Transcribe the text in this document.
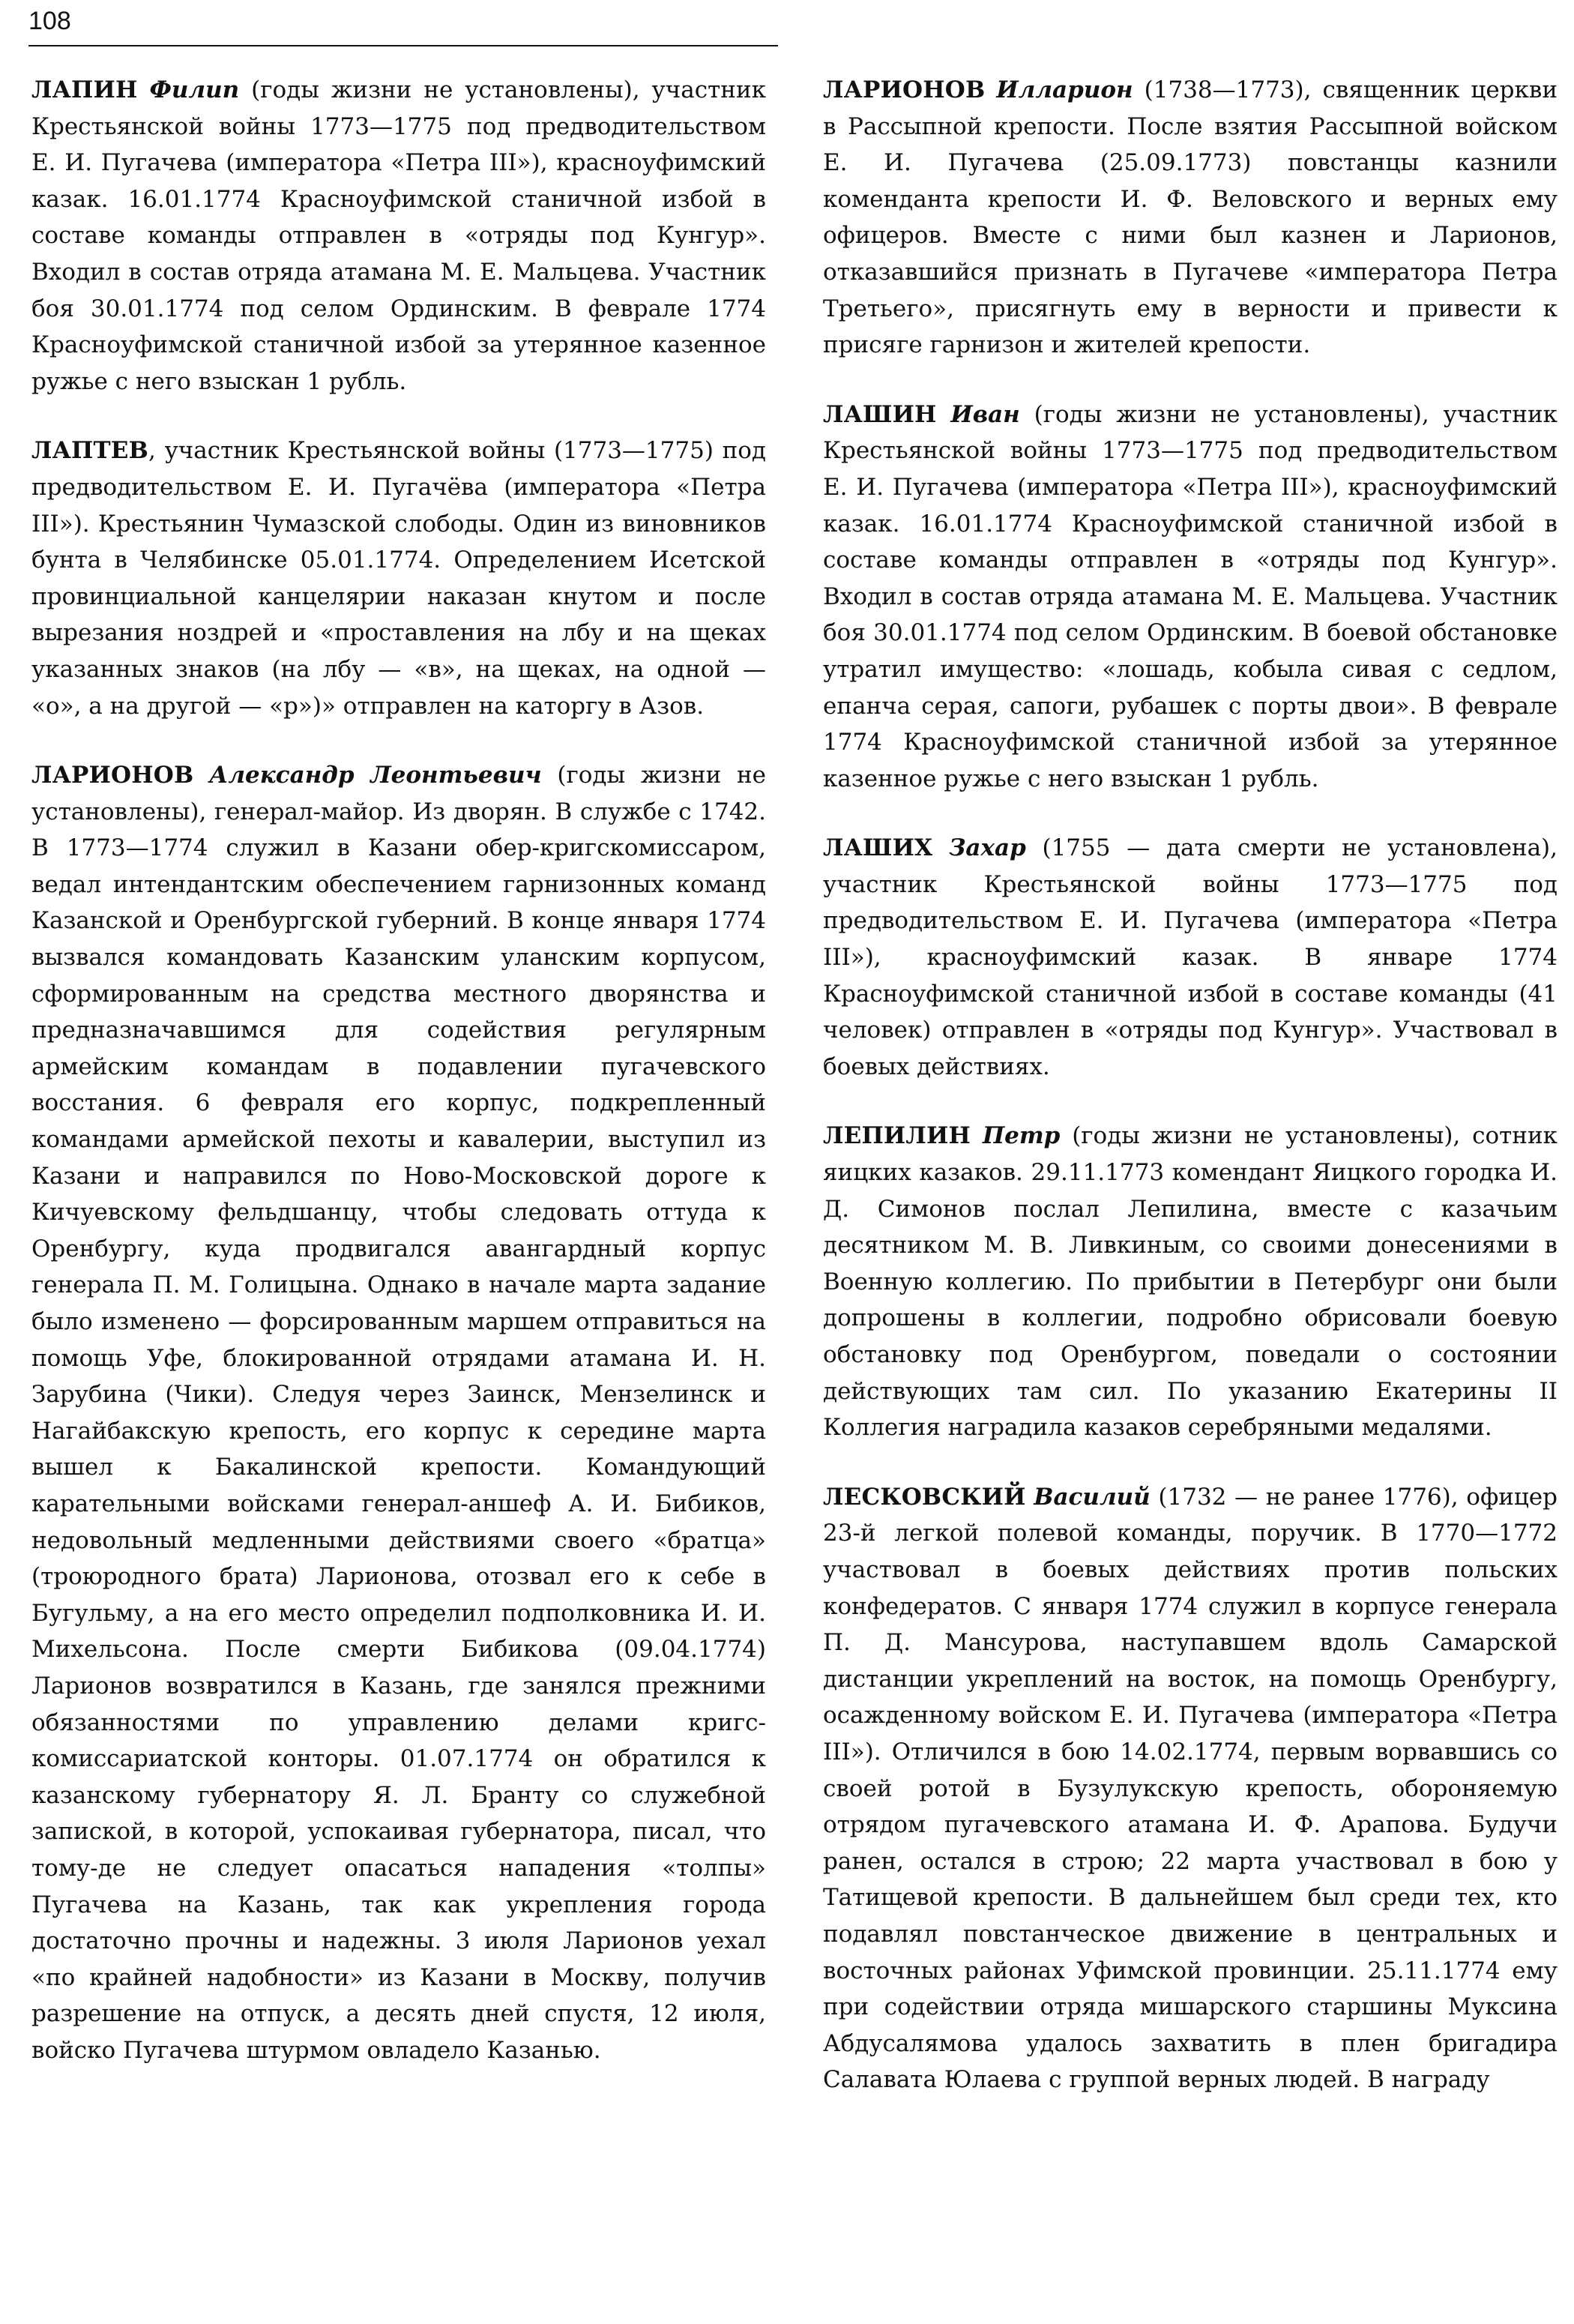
108

ЛАПИН Филип (годы жизни не установлены), участник Крестьянской войны 1773—1775 под предводительством Е. И. Пугачева (императора «Петра III»), красноуфимский казак. 16.01.1774 Красноуфимской станичной избой в составе команды отправлен в «отряды под Кунгур». Входил в состав отряда атамана М. Е. Мальцева. Участник боя 30.01.1774 под селом Ординским. В феврале 1774 Красноуфимской станичной избой за утерянное казенное ружье с него взыскан 1 рубль.

ЛАПТЕВ, участник Крестьянской войны (1773—1775) под предводительством Е. И. Пугачёва (императора «Петра III»). Крестьянин Чумазской слободы. Один из виновников бунта в Челябинске 05.01.1774. Определением Исетской провинциальной канцелярии наказан кнутом и после вырезания ноздрей и «проставления на лбу и на щеках указанных знаков (на лбу — «в», на щеках, на одной — «о», а на другой — «р»)» отправлен на каторгу в Азов.

ЛАРИОНОВ Александр Леонтьевич (годы жизни не установлены), генерал-майор. Из дворян. В службе с 1742. В 1773—1774 служил в Казани обер-кригскомиссаром, ведал интендантским обеспечением гарнизонных команд Казанской и Оренбургской губерний. В конце января 1774 вызвался командовать Казанским уланским корпусом, сформированным на средства местного дворянства и предназначавшимся для содействия регулярным армейским командам в подавлении пугачевского восстания. 6 февраля его корпус, подкрепленный командами армейской пехоты и кавалерии, выступил из Казани и направился по Ново-Московской дороге к Кичуевскому фельдшанцу, чтобы следовать оттуда к Оренбургу, куда продвигался авангардный корпус генерала П. М. Голицына. Однако в начале марта задание было изменено — форсированным маршем отправиться на помощь Уфе, блокированной отрядами атамана И. Н. Зарубина (Чики). Следуя через Заинск, Мензелинск и Нагайбакскую крепость, его корпус к середине марта вышел к Бакалинской крепости. Командующий карательными войсками генерал-аншеф А. И. Бибиков, недовольный медленными действиями своего «братца» (троюродного брата) Ларионова, отозвал его к себе в Бугульму, а на его место определил подполковника И. И. Михельсона. После смерти Бибикова (09.04.1774) Ларионов возвратился в Казань, где занялся прежними обязанностями по управлению делами кригс-комиссариатской конторы. 01.07.1774 он обратился к казанскому губернатору Я. Л. Бранту со служебной запиской, в которой, успокаивая губернатора, писал, что тому-де не следует опасаться нападения «толпы» Пугачева на Казань, так как укрепления города достаточно прочны и надежны. 3 июля Ларионов уехал «по крайней надобности» из Казани в Москву, получив разрешение на отпуск, а десять дней спустя, 12 июля, войско Пугачева штурмом овладело Казанью.

ЛАРИОНОВ Илларион (1738—1773), священник церкви в Рассыпной крепости. После взятия Рассыпной войском Е. И. Пугачева (25.09.1773) повстанцы казнили коменданта крепости И. Ф. Веловского и верных ему офицеров. Вместе с ними был казнен и Ларионов, отказавшийся признать в Пугачеве «императора Петра Третьего», присягнуть ему в верности и привести к присяге гарнизон и жителей крепости.

ЛАШИН Иван (годы жизни не установлены), участник Крестьянской войны 1773—1775 под предводительством Е. И. Пугачева (императора «Петра III»), красноуфимский казак. 16.01.1774 Красноуфимской станичной избой в составе команды отправлен в «отряды под Кунгур». Входил в состав отряда атамана М. Е. Мальцева. Участник боя 30.01.1774 под селом Ординским. В боевой обстановке утратил имущество: «лошадь, кобыла сивая с седлом, епанча серая, сапоги, рубашек с порты двои». В феврале 1774 Красноуфимской станичной избой за утерянное казенное ружье с него взыскан 1 рубль.

ЛАШИХ Захар (1755 — дата смерти не установлена), участник Крестьянской войны 1773—1775 под предводительством Е. И. Пугачева (императора «Петра III»), красноуфимский казак. В январе 1774 Красноуфимской станичной избой в составе команды (41 человек) отправлен в «отряды под Кунгур». Участвовал в боевых действиях.

ЛЕПИЛИН Петр (годы жизни не установлены), сотник яицких казаков. 29.11.1773 комендант Яицкого городка И. Д. Симонов послал Лепилина, вместе с казачьим десятником М. В. Ливкиным, со своими донесениями в Военную коллегию. По прибытии в Петербург они были допрошены в коллегии, подробно обрисовали боевую обстановку под Оренбургом, поведали о состоянии действующих там сил. По указанию Екатерины II Коллегия наградила казаков серебряными медалями.

ЛЕСКОВСКИЙ Василий (1732 — не ранее 1776), офицер 23-й легкой полевой команды, поручик. В 1770—1772 участвовал в боевых действиях против польских конфедератов. С января 1774 служил в корпусе генерала П. Д. Мансурова, наступавшем вдоль Самарской дистанции укреплений на восток, на помощь Оренбургу, осажденному войском Е. И. Пугачева (императора «Петра III»). Отличился в бою 14.02.1774, первым ворвавшись со своей ротой в Бузулукскую крепость, обороняемую отрядом пугачевского атамана И. Ф. Арапова. Будучи ранен, остался в строю; 22 марта участвовал в бою у Татищевой крепости. В дальнейшем был среди тех, кто подавлял повстанческое движение в центральных и восточных районах Уфимской провинции. 25.11.1774 ему при содействии отряда мишарского старшины Муксина Абдусалямова удалось захватить в плен бригадира Салавата Юлаева с группой верных людей. В награду
